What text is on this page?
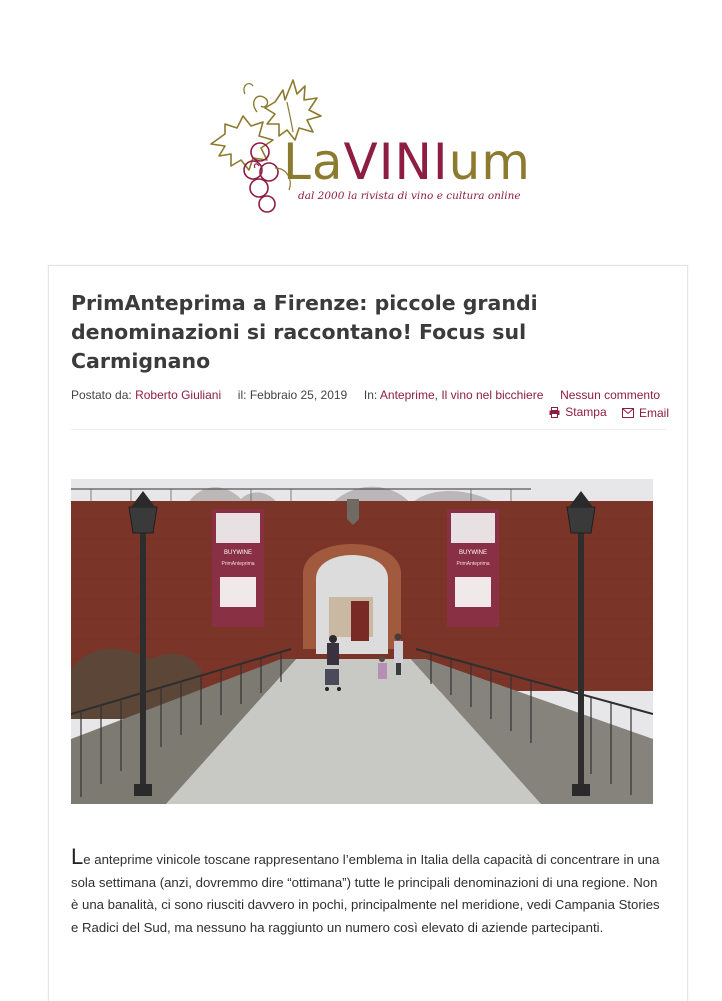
LaVINIum
dal 2000 la rivista di vino e cultura online
PrimAnteprima a Firenze: piccole grandi denominazioni si raccontano! Focus sul Carmignano
Postato da: Roberto Giuliani il: Febbraio 25, 2019 In: Anteprime, Il vino nel bicchiere Nessun commento
Stampa
	Email
BUYWINE
PrimAnteprima
BUYWINE
PrimAnteprima

Le anteprime vinicole toscane rappresentano l’emblema in Italia della capacità di concentrare in una sola settimana (anzi, dovremmo dire “ottimana”) tutte le principali denominazioni di una regione. Non è una banalità, ci sono riusciti davvero in pochi, principalmente nel meridione, vedi Campania Stories e Radici del Sud, ma nessuno ha raggiunto un numero così elevato di aziende partecipanti.
